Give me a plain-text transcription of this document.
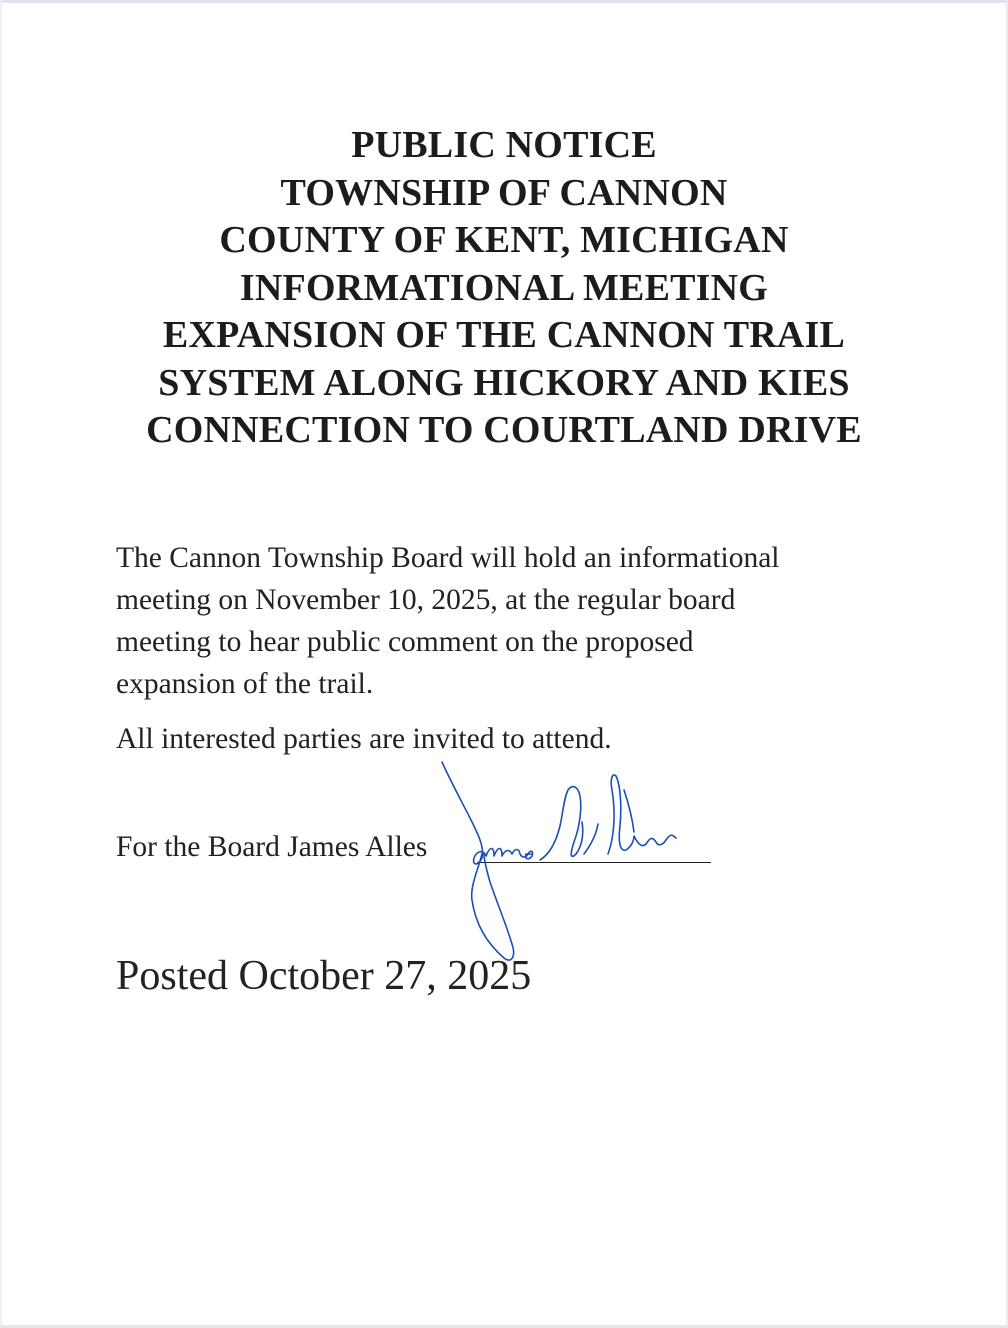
PUBLIC NOTICE
TOWNSHIP OF CANNON
COUNTY OF KENT, MICHIGAN
INFORMATIONAL MEETING
EXPANSION OF THE CANNON TRAIL
SYSTEM ALONG HICKORY AND KIES
CONNECTION TO COURTLAND DRIVE
The Cannon Township Board will hold an informational
meeting on November 10, 2025, at the regular board
meeting to hear public comment on the proposed
expansion of the trail.
All interested parties are invited to attend.
For the Board James Alles
Posted October 27, 2025
